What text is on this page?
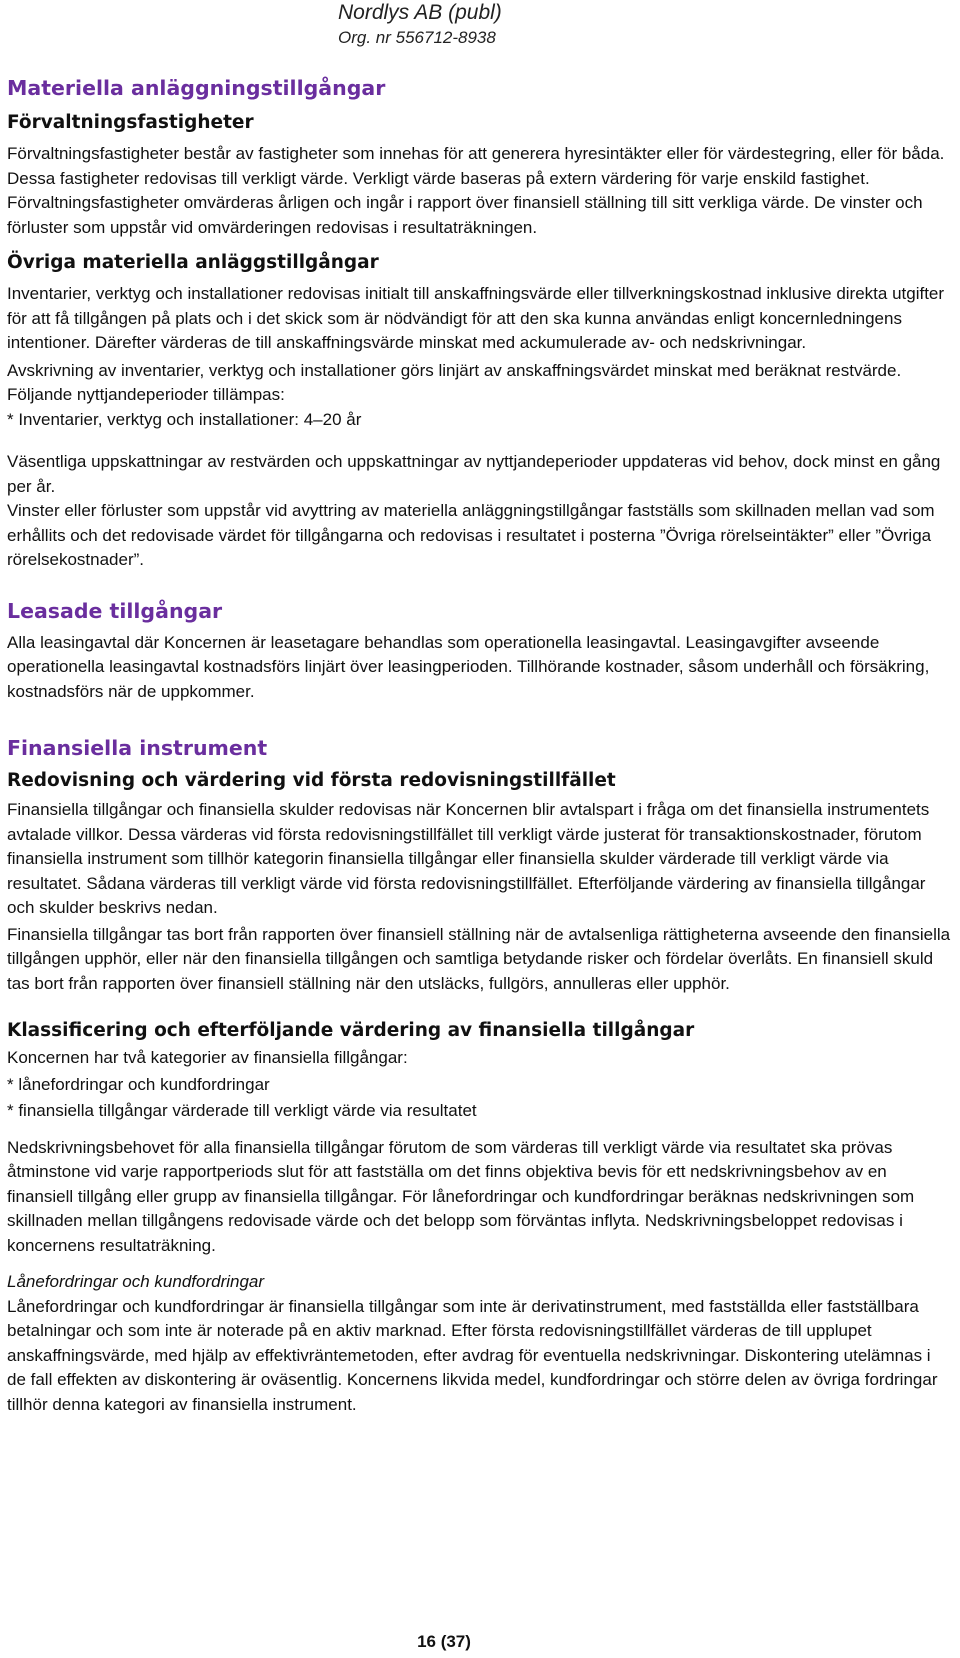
Nordlys AB (publ)
Org. nr 556712-8938
Materiella anläggningstillgångar
Förvaltningsfastigheter

Förvaltningsfastigheter består av fastigheter som innehas för att generera hyresintäkter eller för värdestegring, eller för båda. Dessa fastigheter redovisas till verkligt värde. Verkligt värde baseras på extern värdering för varje enskild fastighet.

Förvaltningsfastigheter omvärderas årligen och ingår i rapport över finansiell ställning till sitt verkliga värde. De vinster och förluster som uppstår vid omvärderingen redovisas i resultaträkningen.

Övriga materiella anläggstillgångar

Inventarier, verktyg och installationer redovisas initialt till anskaffningsvärde eller tillverkningskostnad inklusive direkta utgifter för att få tillgången på plats och i det skick som är nödvändigt för att den ska kunna användas enligt koncernledningens intentioner. Därefter värderas de till anskaffningsvärde minskat med ackumulerade av- och nedskrivningar.

Avskrivning av inventarier, verktyg och installationer görs linjärt av anskaffningsvärdet minskat med beräknat restvärde. Följande nyttjandeperioder tillämpas:

* Inventarier, verktyg och installationer: 4–20 år

Väsentliga uppskattningar av restvärden och uppskattningar av nyttjandeperioder uppdateras vid behov, dock minst en gång per år.

Vinster eller förluster som uppstår vid avyttring av materiella anläggningstillgångar fastställs som skillnaden mellan vad som erhållits och det redovisade värdet för tillgångarna och redovisas i resultatet i posterna ”Övriga rörelseintäkter” eller ”Övriga rörelsekostnader”.

Leasade tillgångar

Alla leasingavtal där Koncernen är leasetagare behandlas som operationella leasingavtal. Leasingavgifter avseende operationella leasingavtal kostnadsförs linjärt över leasingperioden. Tillhörande kostnader, såsom underhåll och försäkring, kostnadsförs när de uppkommer.

Finansiella instrument
Redovisning och värdering vid första redovisningstillfället

Finansiella tillgångar och finansiella skulder redovisas när Koncernen blir avtalspart i fråga om det finansiella instrumentets avtalade villkor. Dessa värderas vid första redovisningstillfället till verkligt värde justerat för transaktionskostnader, förutom finansiella instrument som tillhör kategorin finansiella tillgångar eller finansiella skulder värderade till verkligt värde via resultatet. Sådana värderas till verkligt värde vid första redovisningstillfället. Efterföljande värdering av finansiella tillgångar och skulder beskrivs nedan.

Finansiella tillgångar tas bort från rapporten över finansiell ställning när de avtalsenliga rättigheterna avseende den finansiella tillgången upphör, eller när den finansiella tillgången och samtliga betydande risker och fördelar överlåts. En finansiell skuld tas bort från rapporten över finansiell ställning när den utsläcks, fullgörs, annulleras eller upphör.

Klassificering och efterföljande värdering av finansiella tillgångar

Koncernen har två kategorier av finansiella fillgångar:

* lånefordringar och kundfordringar

* finansiella tillgångar värderade till verkligt värde via resultatet

Nedskrivningsbehovet för alla finansiella tillgångar förutom de som värderas till verkligt värde via resultatet ska prövas åtminstone vid varje rapportperiods slut för att fastställa om det finns objektiva bevis för ett nedskrivningsbehov av en finansiell tillgång eller grupp av finansiella tillgångar. För lånefordringar och kundfordringar beräknas nedskrivningen som skillnaden mellan tillgångens redovisade värde och det belopp som förväntas inflyta. Nedskrivningsbeloppet redovisas i koncernens resultaträkning.

Lånefordringar och kundfordringar

Lånefordringar och kundfordringar är finansiella tillgångar som inte är derivatinstrument, med fastställda eller fastställbara betalningar och som inte är noterade på en aktiv marknad. Efter första redovisningstillfället värderas de till upplupet anskaffningsvärde, med hjälp av effektivräntemetoden, efter avdrag för eventuella nedskrivningar. Diskontering utelämnas i de fall effekten av diskontering är oväsentlig. Koncernens likvida medel, kundfordringar och större delen av övriga fordringar tillhör denna kategori av finansiella instrument.

16 (37)
